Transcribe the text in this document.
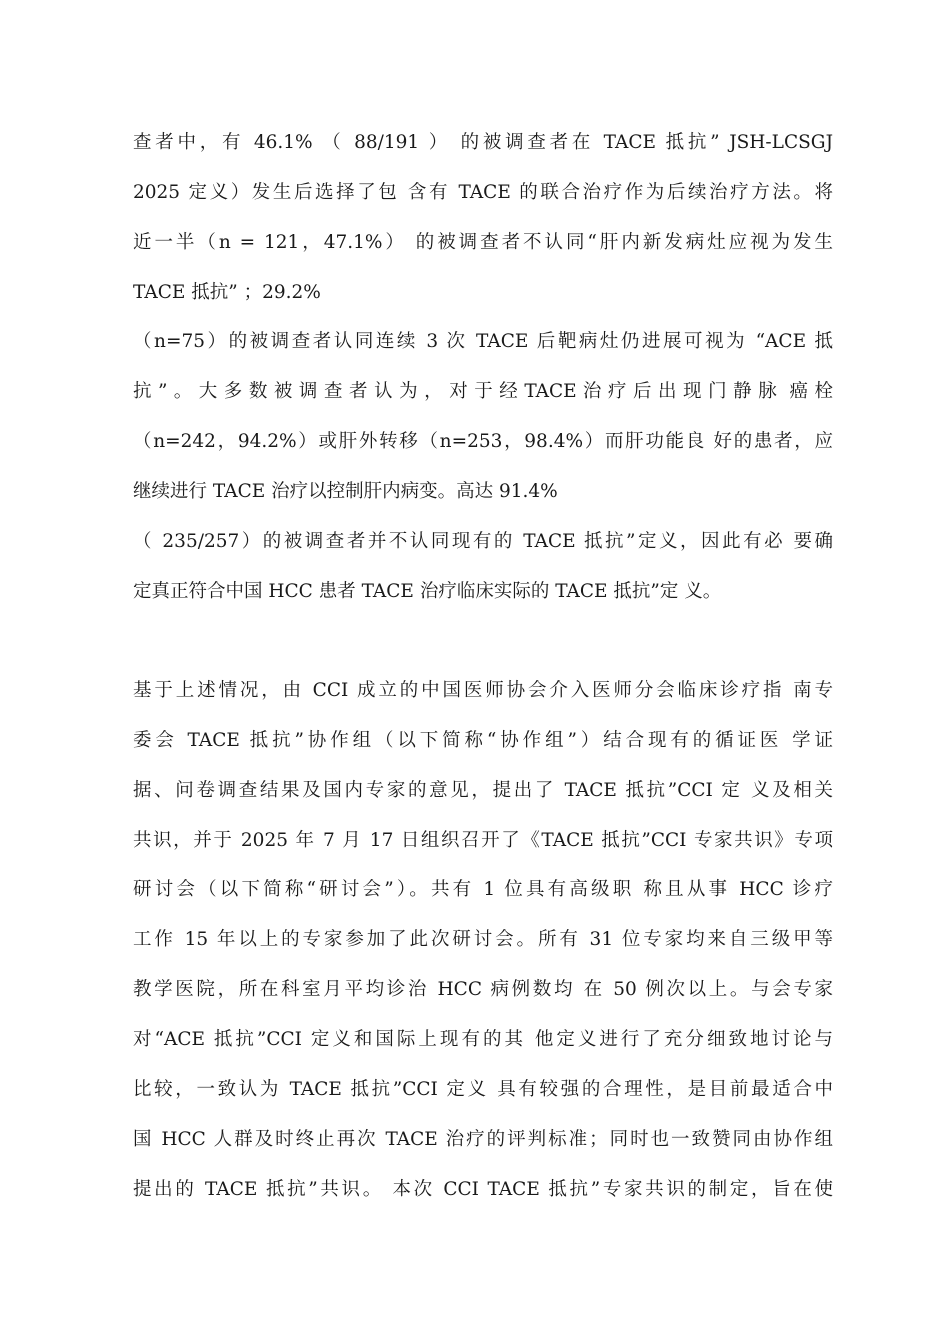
查者中，有 46.1% （ 88/191 ） 的被调查者在 TACE 抵抗” JSH-LCSGJ
2025 定义）发生后选择了包 含有 TACE 的联合治疗作为后续治疗方法。将
近一半（n = 121，47.1%） 的被调查者不认同“肝内新发病灶应视为发生
TACE 抵抗” ；29.2%
（n=75）的被调查者认同连续 3 次 TACE 后靶病灶仍进展可视为 “ACE 抵
抗 ” 。 大 多 数 被 调 查 者 认 为 ， 对 于 经 TACE 治 疗 后 出 现 门 静 脉  癌 栓
（n=242，94.2%）或肝外转移（n=253，98.4%）而肝功能良 好的患者，应
继续进行 TACE 治疗以控制肝内病变。高达 91.4%
（ 235/257）的被调查者并不认同现有的 TACE 抵抗”定义，因此有必 要确
定真正符合中国 HCC 患者 TACE 治疗临床实际的 TACE 抵抗”定 义。
基于上述情况，由 CCI 成立的中国医师协会介入医师分会临床诊疗指 南专
委会 TACE 抵抗”协作组（以下简称“协作组”）结合现有的循证医 学证
据、问卷调查结果及国内专家的意见，提出了 TACE 抵抗”CCI 定 义及相关
共识，并于 2025 年 7 月 17 日组织召开了《TACE 抵抗”CCI 专家共识》专项
研讨会（以下简称“研讨会”）。共有 1 位具有高级职 称且从事 HCC 诊疗
工作 15 年以上的专家参加了此次研讨会。所有 31 位专家均来自三级甲等
教学医院，所在科室月平均诊治 HCC 病例数均 在 50 例次以上。与会专家
对“ACE 抵抗”CCI 定义和国际上现有的其 他定义进行了充分细致地讨论与
比较，一致认为 TACE 抵抗”CCI 定义 具有较强的合理性，是目前最适合中
国 HCC 人群及时终止再次 TACE 治疗的评判标准；同时也一致赞同由协作组
提出的 TACE 抵抗”共识。 本次 CCI TACE 抵抗”专家共识的制定，旨在使
